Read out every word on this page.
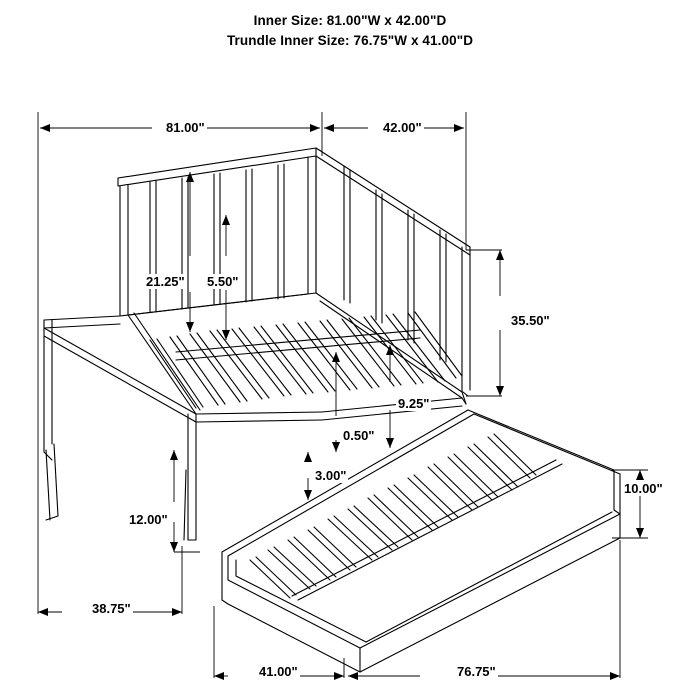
Inner Size: 81.00"W x 42.00"D
Trundle Inner Size: 76.75"W x 41.00"D
81.00"	42.00"
21.25" 5.50"
35.50"
9.25"
0.50"
3.00"
10.00"
12.00"
38.75"
41.00"	76.75"
